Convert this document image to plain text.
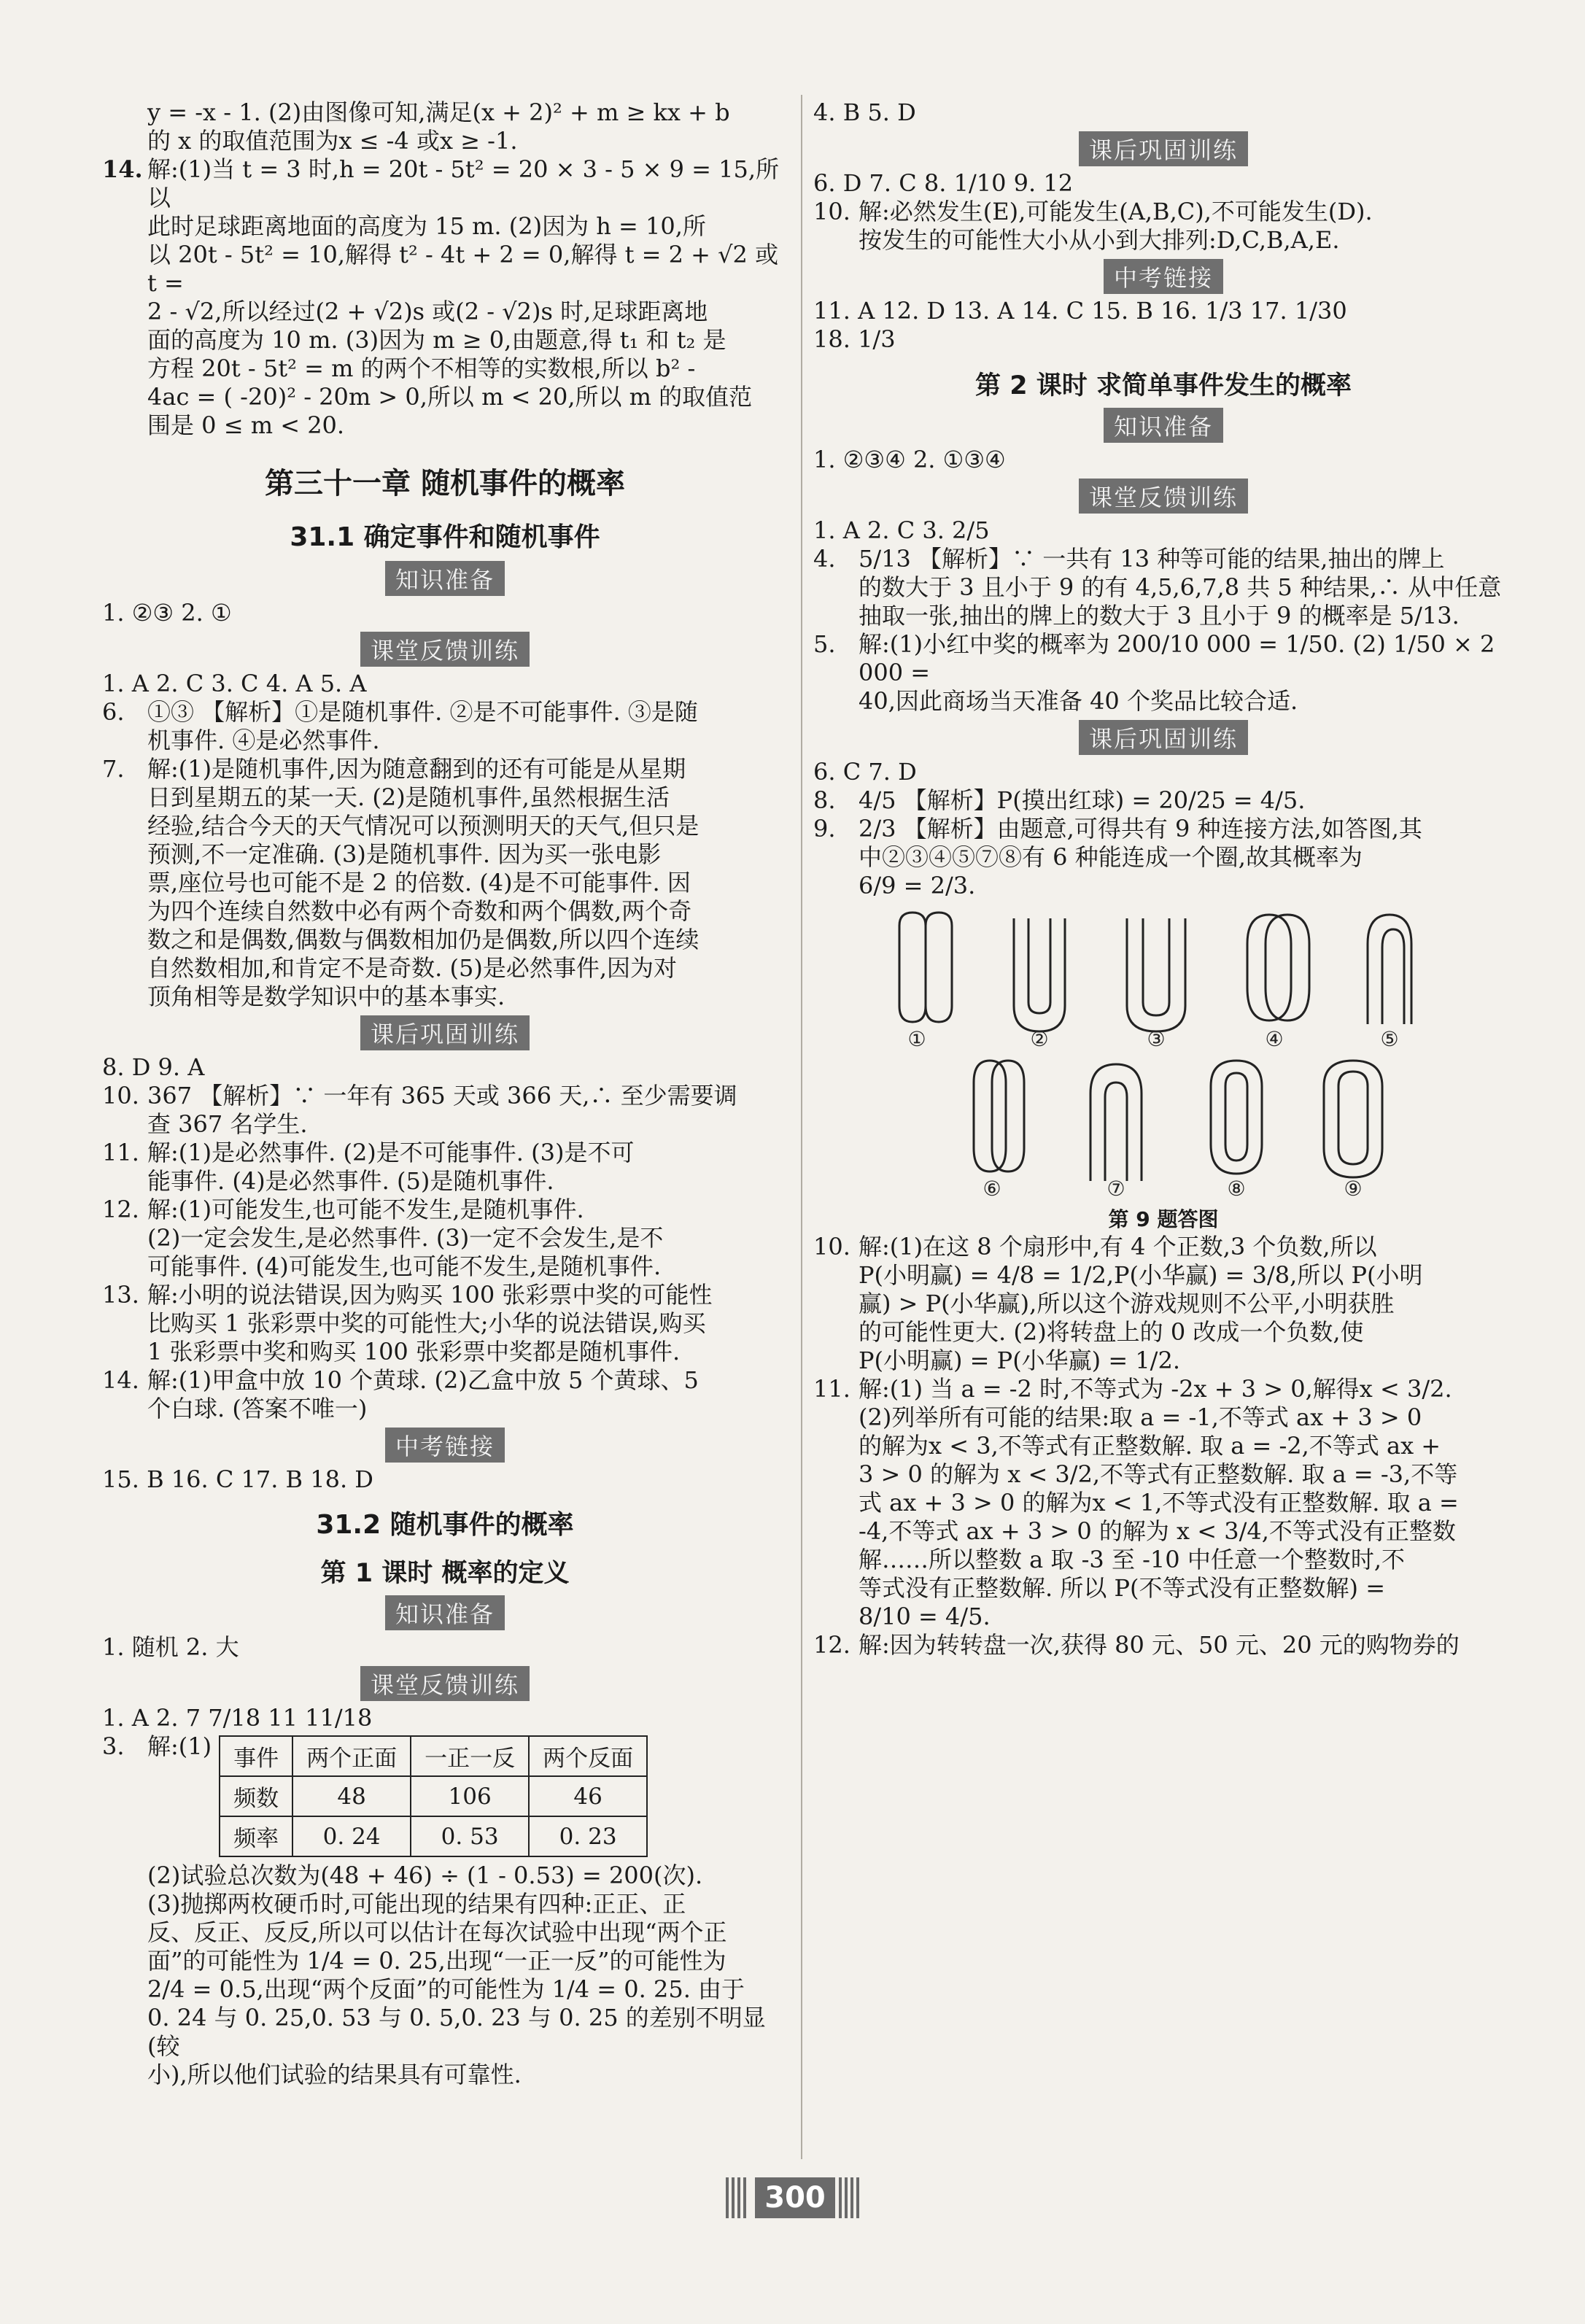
y = -x - 1. (2)由图像可知,满足(x + 2)² + m ≥ kx + b

的 x 的取值范围为x ≤ -4 或x ≥ -1.

14. 解:(1)当 t = 3 时,h = 20t - 5t² = 20 × 3 - 5 × 9 = 15,所以

此时足球距离地面的高度为 15 m. (2)因为 h = 10,所

以 20t - 5t² = 10,解得 t² - 4t + 2 = 0,解得 t = 2 + √2 或 t =

2 - √2,所以经过(2 + √2)s 或(2 - √2)s 时,足球距离地

面的高度为 10 m. (3)因为 m ≥ 0,由题意,得 t₁ 和 t₂ 是

方程 20t - 5t² = m 的两个不相等的实数根,所以 b² -

4ac = ( -20)² - 20m > 0,所以 m < 20,所以 m 的取值范

围是 0 ≤ m < 20.

第三十一章 随机事件的概率
31.1 确定事件和随机事件
知识准备

1. ②③ 2. ①

课堂反馈训练

1. A 2. C 3. C 4. A 5. A

6. ①③ 【解析】①是随机事件. ②是不可能事件. ③是随

机事件. ④是必然事件.

7. 解:(1)是随机事件,因为随意翻到的还有可能是从星期

日到星期五的某一天. (2)是随机事件,虽然根据生活

经验,结合今天的天气情况可以预测明天的天气,但只是

预测,不一定准确. (3)是随机事件. 因为买一张电影

票,座位号也可能不是 2 的倍数. (4)是不可能事件. 因

为四个连续自然数中必有两个奇数和两个偶数,两个奇

数之和是偶数,偶数与偶数相加仍是偶数,所以四个连续

自然数相加,和肯定不是奇数. (5)是必然事件,因为对

顶角相等是数学知识中的基本事实.

课后巩固训练

8. D 9. A

10. 367 【解析】∵ 一年有 365 天或 366 天,∴ 至少需要调

查 367 名学生.

11. 解:(1)是必然事件. (2)是不可能事件. (3)是不可

能事件. (4)是必然事件. (5)是随机事件.

12. 解:(1)可能发生,也可能不发生,是随机事件.

(2)一定会发生,是必然事件. (3)一定不会发生,是不

可能事件. (4)可能发生,也可能不发生,是随机事件.

13. 解:小明的说法错误,因为购买 100 张彩票中奖的可能性

比购买 1 张彩票中奖的可能性大;小华的说法错误,购买

1 张彩票中奖和购买 100 张彩票中奖都是随机事件.

14. 解:(1)甲盒中放 10 个黄球. (2)乙盒中放 5 个黄球、5

个白球. (答案不唯一)

中考链接

15. B 16. C 17. B 18. D

31.2 随机事件的概率
第 1 课时 概率的定义
知识准备

1. 随机 2. 大

课堂反馈训练

1. A 2. 7 7/18 11 11/18

3. 解:(1) 事件	两个正面	一正一反	两个反面
频数	48	106	46
频率	0. 24	0. 53	0. 23

(2)试验总次数为(48 + 46) ÷ (1 - 0.53) = 200(次).

(3)抛掷两枚硬币时,可能出现的结果有四种:正正、正

反、反正、反反,所以可以估计在每次试验中出现“两个正

面”的可能性为 1/4 = 0. 25,出现“一正一反”的可能性为

2/4 = 0.5,出现“两个反面”的可能性为 1/4 = 0. 25. 由于

0. 24 与 0. 25,0. 53 与 0. 5,0. 23 与 0. 25 的差别不明显(较

小),所以他们试验的结果具有可靠性.

4. B 5. D

课后巩固训练

6. D 7. C 8. 1/10 9. 12

10. 解:必然发生(E),可能发生(A,B,C),不可能发生(D).

按发生的可能性大小从小到大排列:D,C,B,A,E.

中考链接

11. A 12. D 13. A 14. C 15. B 16. 1/3 17. 1/30

18. 1/3

第 2 课时 求简单事件发生的概率
知识准备

1. ②③④ 2. ①③④

课堂反馈训练

1. A 2. C 3. 2/5

4. 5/13 【解析】∵ 一共有 13 种等可能的结果,抽出的牌上

的数大于 3 且小于 9 的有 4,5,6,7,8 共 5 种结果,∴ 从中任意

抽取一张,抽出的牌上的数大于 3 且小于 9 的概率是 5/13.

5. 解:(1)小红中奖的概率为 200/10 000 = 1/50. (2) 1/50 × 2 000 =

40,因此商场当天准备 40 个奖品比较合适.

课后巩固训练

6. C 7. D

8. 4/5 【解析】P(摸出红球) = 20/25 = 4/5.

9. 2/3 【解析】由题意,可得共有 9 种连接方法,如答图,其

中②③④⑤⑦⑧有 6 种能连成一个圈,故其概率为

6/9 = 2/3.

①	②	③	④	⑤
⑥	⑦	⑧	⑨
第 9 题答图
10. 解:(1)在这 8 个扇形中,有 4 个正数,3 个负数,所以

P(小明赢) = 4/8 = 1/2,P(小华赢) = 3/8,所以 P(小明

赢) > P(小华赢),所以这个游戏规则不公平,小明获胜

的可能性更大. (2)将转盘上的 0 改成一个负数,使

P(小明赢) = P(小华赢) = 1/2.

11. 解:(1) 当 a = -2 时,不等式为 -2x + 3 > 0,解得x < 3/2.

(2)列举所有可能的结果:取 a = -1,不等式 ax + 3 > 0

的解为x < 3,不等式有正整数解. 取 a = -2,不等式 ax +

3 > 0 的解为 x < 3/2,不等式有正整数解. 取 a = -3,不等

式 ax + 3 > 0 的解为x < 1,不等式没有正整数解. 取 a =

-4,不等式 ax + 3 > 0 的解为 x < 3/4,不等式没有正整数

解……所以整数 a 取 -3 至 -10 中任意一个整数时,不

等式没有正整数解. 所以 P(不等式没有正整数解) =

8/10 = 4/5.

12. 解:因为转转盘一次,获得 80 元、50 元、20 元的购物券的

300
